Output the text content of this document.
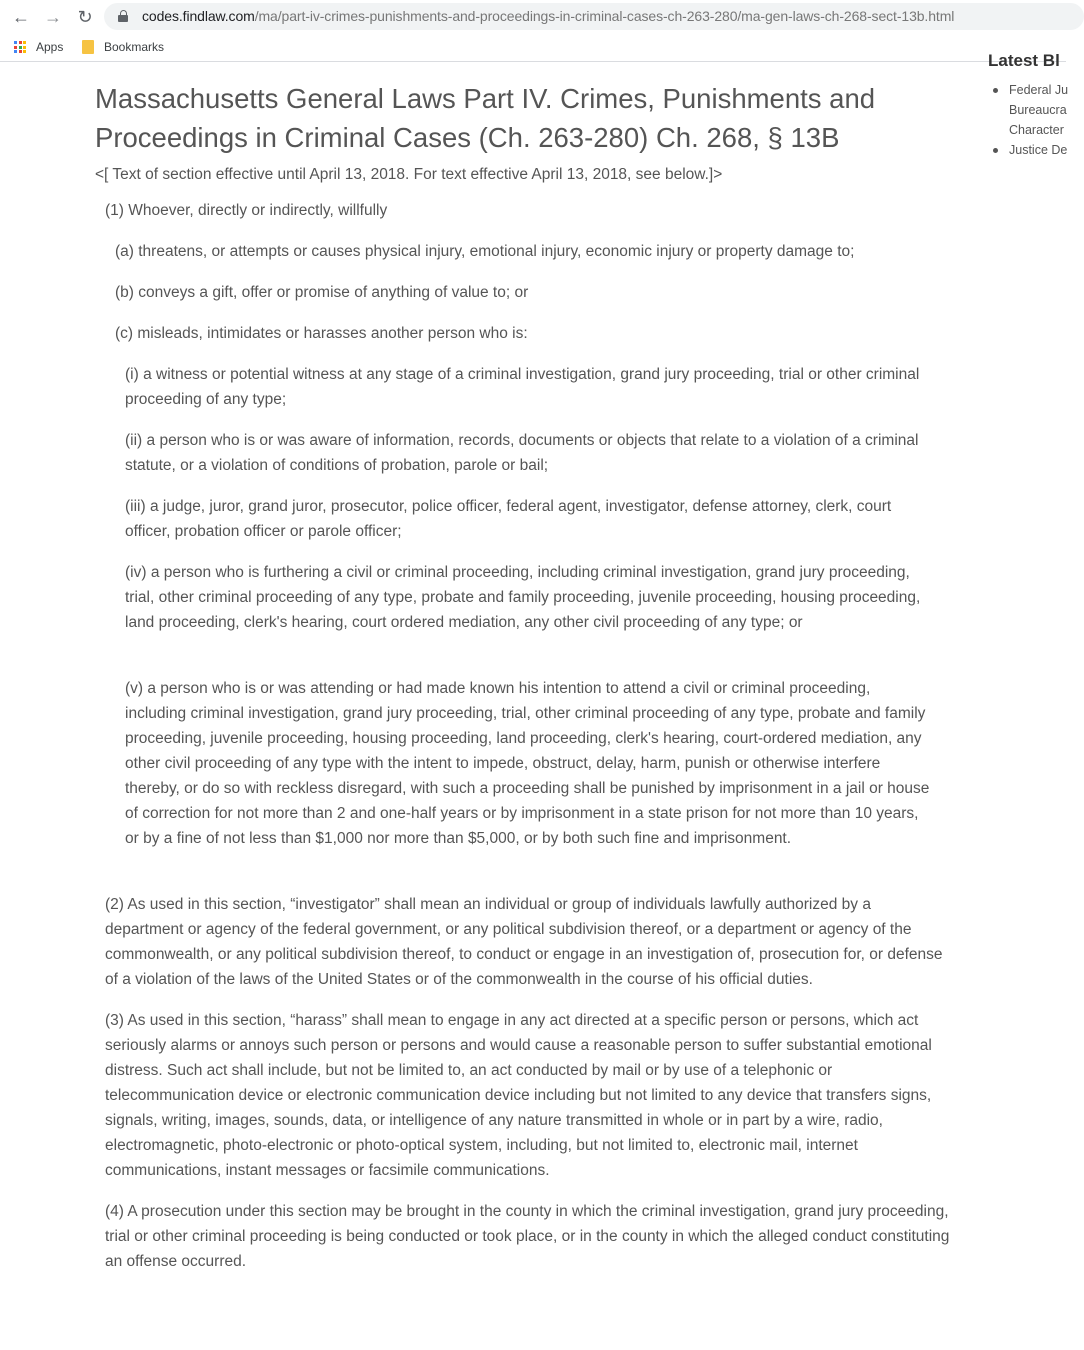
← → ↻	codes.findlaw.com/ma/part-iv-crimes-punishments-and-proceedings-in-criminal-cases-ch-263-280/ma-gen-laws-ch-268-sect-13b.html
Apps	Bookmarks
Massachusetts General Laws Part IV. Crimes, Punishments and Proceedings in Criminal Cases (Ch. 263-280) Ch. 268, § 13B
<[ Text of section effective until April 13, 2018. For text effective April 13, 2018, see below.]>

(1) Whoever, directly or indirectly, willfully

(a) threatens, or attempts or causes physical injury, emotional injury, economic injury or property damage to;

(b) conveys a gift, offer or promise of anything of value to; or

(c) misleads, intimidates or harasses another person who is:

(i) a witness or potential witness at any stage of a criminal investigation, grand jury proceeding, trial or other criminal proceeding of any type;

(ii) a person who is or was aware of information, records, documents or objects that relate to a violation of a criminal statute, or a violation of conditions of probation, parole or bail;

(iii) a judge, juror, grand juror, prosecutor, police officer, federal agent, investigator, defense attorney, clerk, court officer, probation officer or parole officer;

(iv) a person who is furthering a civil or criminal proceeding, including criminal investigation, grand jury proceeding, trial, other criminal proceeding of any type, probate and family proceeding, juvenile proceeding, housing proceeding, land proceeding, clerk's hearing, court ordered mediation, any other civil proceeding of any type; or

(v) a person who is or was attending or had made known his intention to attend a civil or criminal proceeding, including criminal investigation, grand jury proceeding, trial, other criminal proceeding of any type, probate and family proceeding, juvenile proceeding, housing proceeding, land proceeding, clerk's hearing, court-ordered mediation, any other civil proceeding of any type with the intent to impede, obstruct, delay, harm, punish or otherwise interfere thereby, or do so with reckless disregard, with such a proceeding shall be punished by imprisonment in a jail or house of correction for not more than 2 and one-half years or by imprisonment in a state prison for not more than 10 years, or by a fine of not less than $1,000 nor more than $5,000, or by both such fine and imprisonment.

(2) As used in this section, “investigator” shall mean an individual or group of individuals lawfully authorized by a department or agency of the federal government, or any political subdivision thereof, or a department or agency of the commonwealth, or any political subdivision thereof, to conduct or engage in an investigation of, prosecution for, or defense of a violation of the laws of the United States or of the commonwealth in the course of his official duties.

(3) As used in this section, “harass” shall mean to engage in any act directed at a specific person or persons, which act seriously alarms or annoys such person or persons and would cause a reasonable person to suffer substantial emotional distress. Such act shall include, but not be limited to, an act conducted by mail or by use of a telephonic or telecommunication device or electronic communication device including but not limited to any device that transfers signs, signals, writing, images, sounds, data, or intelligence of any nature transmitted in whole or in part by a wire, radio, electromagnetic, photo-electronic or photo-optical system, including, but not limited to, electronic mail, internet communications, instant messages or facsimile communications.

(4) A prosecution under this section may be brought in the county in which the criminal investigation, grand jury proceeding, trial or other criminal proceeding is being conducted or took place, or in the county in which the alleged conduct constituting an offense occurred.

Latest Bl
Federal Ju
Bureaucra
Character
Justice De
